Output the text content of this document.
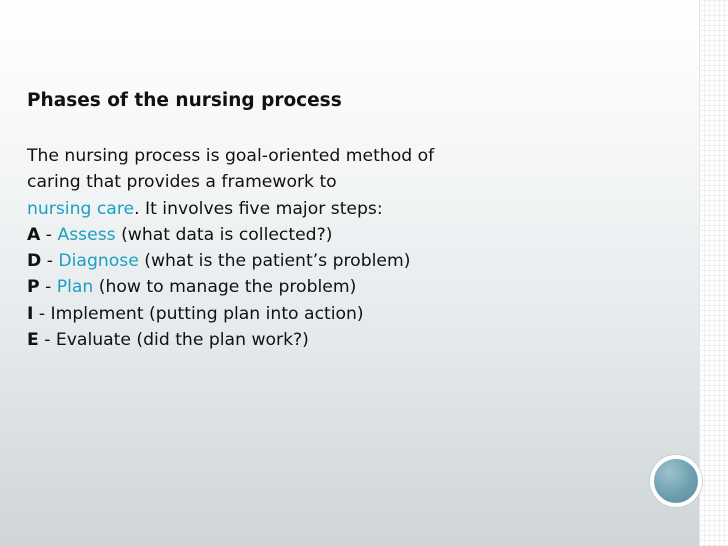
Phases of the nursing process

The nursing process is goal-oriented method of

caring that provides a framework to

nursing care. It involves five major steps:

A - Assess (what data is collected?)

D - Diagnose (what is the patient’s problem)

P - Plan (how to manage the problem)

I - Implement (putting plan into action)

E - Evaluate (did the plan work?)
